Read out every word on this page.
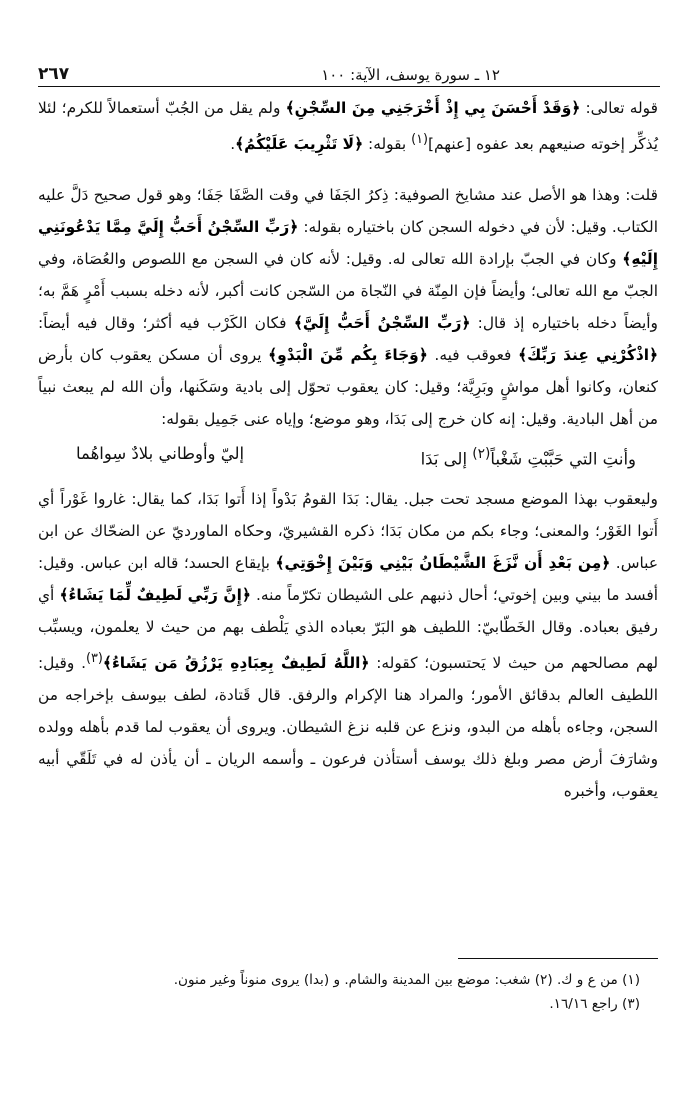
١٢ ـ سورة يوسف، الآية: ١٠٠
٢٦٧

قوله تعالى: ﴿وَقَدْ أَحْسَنَ بِي إِذْ أَخْرَجَنِي مِنَ السِّجْنِ﴾ ولم يقل من الجُبّ أستعمالاً للكرم؛ لئلا يُذكِّر إخوته صنيعهم بعد عفوه [عنهم]$^{(١)}$ بقوله: ﴿لَا تَثْرِيبَ عَلَيْكُمُ﴾.

قلت: وهذا هو الأصل عند مشايخ الصوفية: ذِكرُ الجَفَا في وقت الصَّفَا جَفَا؛ وهو قول صحيح دَلَّ عليه الكتاب. وقيل: لأن في دخوله السجن كان باختياره بقوله: ﴿رَبِّ السِّجْنُ أَحَبُّ إِلَيَّ مِمَّا يَدْعُونَنِي إِلَيْهِ﴾ وكان في الجبّ بإرادة الله تعالى له. وقيل: لأنه كان في السجن مع اللصوص والعُصَاة، وفي الجبّ مع الله تعالى؛ وأيضاً فإن المِنّة في النّجاة من السّجن كانت أكبر، لأنه دخله بسبب أَمْرٍ هَمَّ به؛ وأيضاً دخله باختياره إذ قال: ﴿رَبِّ السِّجْنُ أَحَبُّ إِلَيَّ﴾ فكان الكَرْب فيه أكثر؛ وقال فيه أيضاً: ﴿اذْكُرْنِي عِندَ رَبِّكَ﴾ فعوقب فيه. ﴿وَجَاءَ بِكُم مِّنَ الْبَدْوِ﴾ يروى أن مسكن يعقوب كان بأرض كنعان، وكانوا أهل مواشٍ وبَرِيَّة؛ وقيل: كان يعقوب تحوّل إلى بادية وسَكَنها، وأن الله لم يبعث نبياً من أهل البادية. وقيل: إنه كان خرج إلى بَدَا، وهو موضع؛ وإياه عنى جَمِيل بقوله:

وأنتِ التي حَبَّبْتِ شَغْباً$^{(٢)}$ إلى بَدَا
إليّ وأوطاني بلادٌ سِواهُما

وليعقوب بهذا الموضع مسجد تحت جبل. يقال: بَدَا القومُ بَدْواً إذا أَتوا بَدَا، كما يقال: غاروا غَوْراً أي أَتوا الغَوْر؛ والمعنى؛ وجاء بكم من مكان بَدَا؛ ذكره القشيريّ، وحكاه الماورديّ عن الضحّاك عن ابن عباس. ﴿مِن بَعْدِ أَن نَّزَغَ الشَّيْطَانُ بَيْنِي وَبَيْنَ إِخْوَتِي﴾ بإيقاع الحسد؛ قاله ابن عباس. وقيل: أفسد ما بيني وبين إخوتي؛ أحال ذنبهم على الشيطان تكرّماً منه. ﴿إِنَّ رَبِّي لَطِيفٌ لِّمَا يَشَاءُ﴾ أي رفيق بعباده. وقال الخَطّابيّ: اللطيف هو البَرّ بعباده الذي يَلْطف بهم من حيث لا يعلمون، ويسبِّب لهم مصالحهم من حيث لا يَحتسبون؛ كقوله: ﴿اللَّهُ لَطِيفٌ بِعِبَادِهِ يَرْزُقُ مَن يَشَاءُ﴾$^{(٣)}$. وقيل: اللطيف العالم بدقائق الأمور؛ والمراد هنا الإكرام والرفق. قال قَتادة، لطف بيوسف بإخراجه من السجن، وجاءه بأهله من البدو، ونزع عن قلبه نزغ الشيطان. ويروى أن يعقوب لما قدم بأهله وولده وشارَفَ أرض مصر وبلغ ذلك يوسف أستأذن فرعون ـ وأسمه الريان ـ أن يأذن له في تَلَقّي أبيه يعقوب، وأخبره

(١) من ع و ك. (٢) شغب: موضع بين المدينة والشام. و (بدا) يروى منوناً وغير منون.
(٣) راجع ١٦/١٦.
